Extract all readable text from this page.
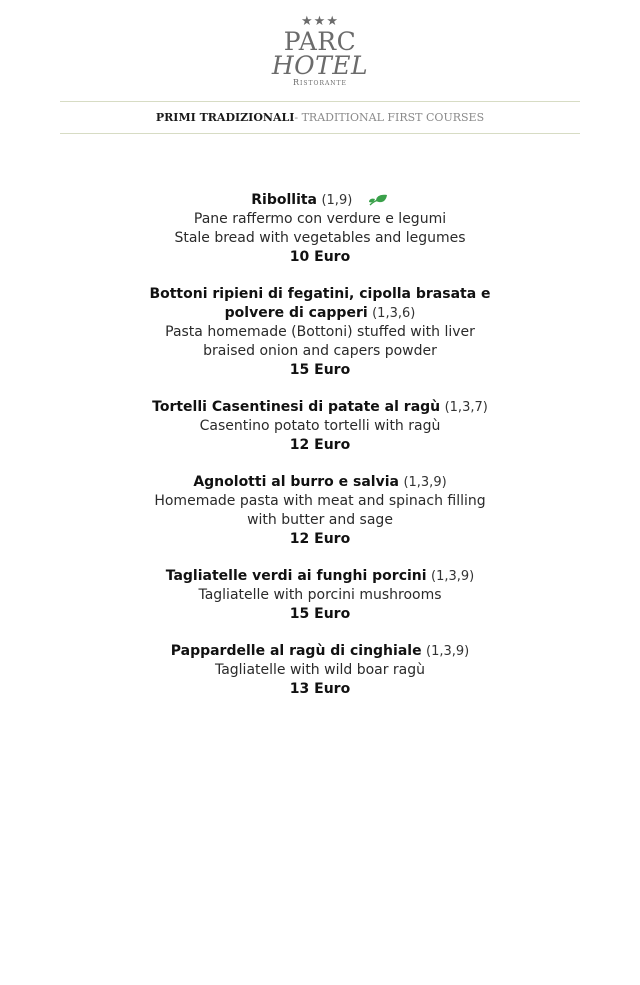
★★★
PARC
HOTEL
Ristorante
PRIMI TRADIZIONALI- TRADITIONAL FIRST COURSES
Ribollita (1,9)
Pane raffermo con verdure e legumi
Stale bread with vegetables and legumes
10 Euro
Bottoni ripieni di fegatini, cipolla brasata e polvere di capperi (1,3,6)
Pasta homemade (Bottoni) stuffed with liver braised onion and capers powder
15 Euro
Tortelli Casentinesi di patate al ragù (1,3,7)
Casentino potato tortelli with ragù
12 Euro
Agnolotti al burro e salvia (1,3,9)
Homemade pasta with meat and spinach filling with butter and sage
12 Euro
Tagliatelle verdi ai funghi porcini (1,3,9)
Tagliatelle with porcini mushrooms
15 Euro
Pappardelle al ragù di cinghiale (1,3,9)
Tagliatelle with wild boar ragù
13 Euro
